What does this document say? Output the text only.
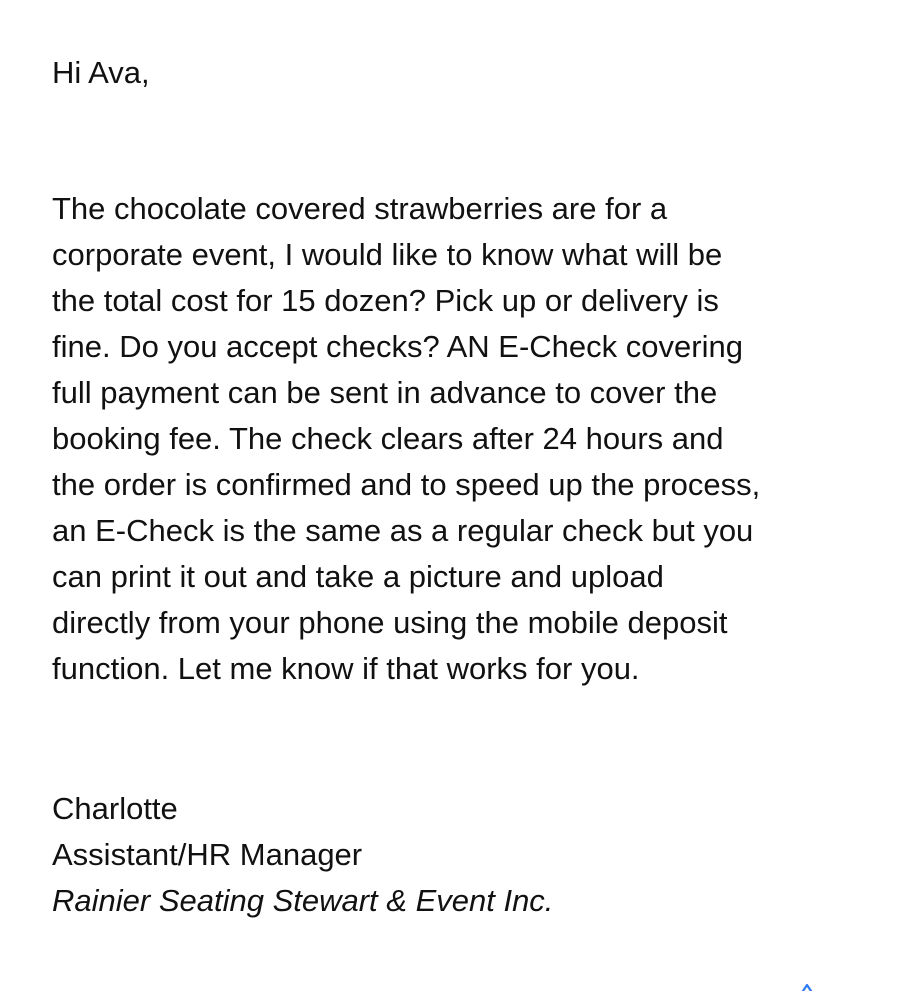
Hi Ava,
The chocolate covered strawberries are for a
corporate event, I would like to know what will be
the total cost for 15 dozen? Pick up or delivery is
fine. Do you accept checks? AN E-Check covering
full payment can be sent in advance to cover the
booking fee. The check clears after 24 hours and
the order is confirmed and to speed up the process,
an E-Check is the same as a regular check but you
can print it out and take a picture and upload
directly from your phone using the mobile deposit
function. Let me know if that works for you.
Charlotte
Assistant/HR Manager
Rainier Seating Stewart & Event Inc.
